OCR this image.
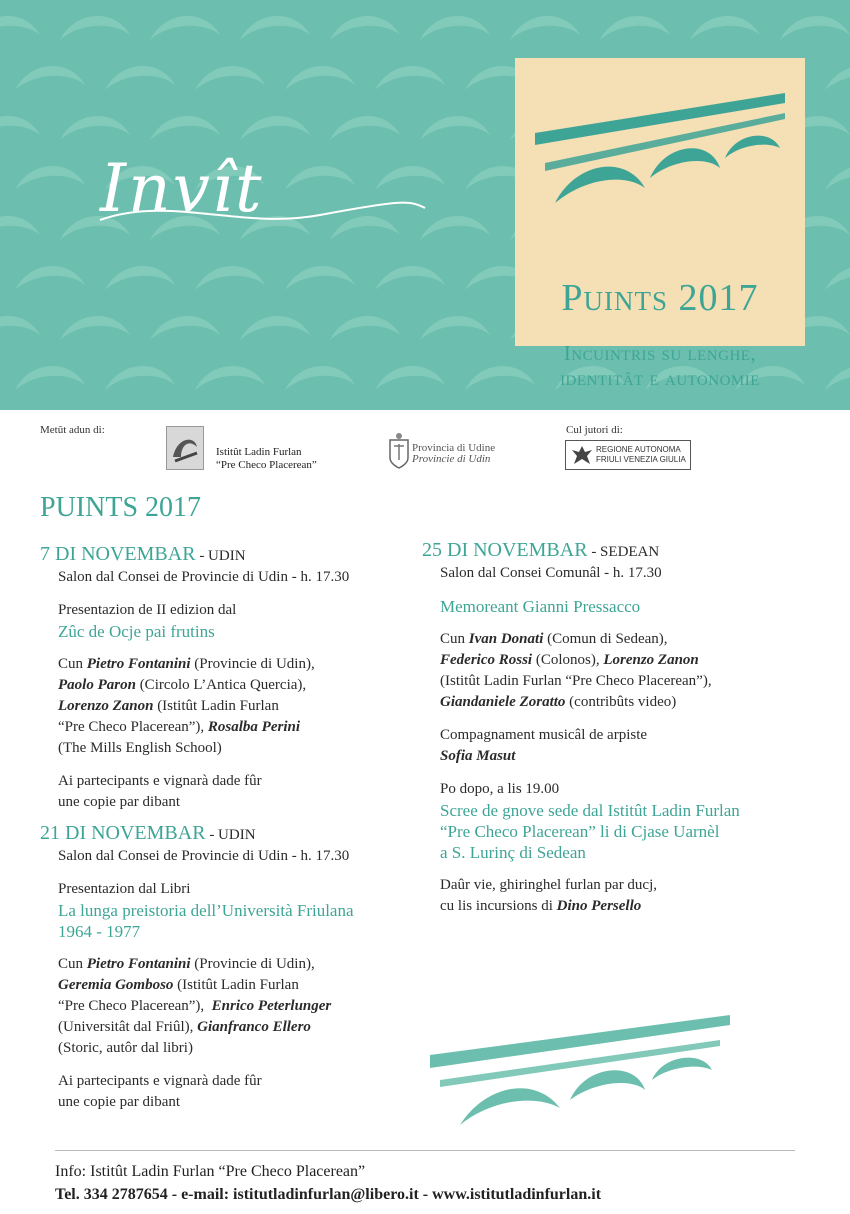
Invît
Puints 2017
Incuintris su lenghe,
identitât e autonomie
Metût adun di:
Istitût Ladin Furlan
“Pre Checo Placerean”
Provincia di Udine
Provincie di Udin
Cul jutori di:
REGIONE AUTONOMA
FRIULI VENEZIA GIULIA
PUINTS 2017
7 DI NOVEMBAR - UDIN
Salon dal Consei de Provincie di Udin - h. 17.30
Presentazion de II edizion dal
Zûc de Ocje pai frutins
Cun Pietro Fontanini (Provincie di Udin),
Paolo Paron (Circolo L’Antica Quercia),
Lorenzo Zanon (Istitût Ladin Furlan
“Pre Checo Placerean”), Rosalba Perini
(The Mills English School)
Ai partecipants e vignarà dade fûr
une copie par dibant
21 DI NOVEMBAR - UDIN
Salon dal Consei de Provincie di Udin - h. 17.30
Presentazion dal Libri
La lunga preistoria dell’Università Friulana
1964 - 1977
Cun Pietro Fontanini (Provincie di Udin),
Geremia Gomboso (Istitût Ladin Furlan
“Pre Checo Placerean”),  Enrico Peterlunger
(Universitât dal Friûl), Gianfranco Ellero
(Storic, autôr dal libri)
Ai partecipants e vignarà dade fûr
une copie par dibant
25 DI NOVEMBAR - SEDEAN
Salon dal Consei Comunâl - h. 17.30
Memoreant Gianni Pressacco
Cun Ivan Donati (Comun di Sedean),
Federico Rossi (Colonos), Lorenzo Zanon
(Istitût Ladin Furlan “Pre Checo Placerean”),
Giandaniele Zoratto (contribûts video)
Compagnament musicâl de arpiste
Sofia Masut
Po dopo, a lis 19.00
Scree de gnove sede dal Istitût Ladin Furlan
“Pre Checo Placerean” li di Cjase Uarnèl
a S. Lurinç di Sedean
Daûr vie, ghiringhel furlan par ducj,
cu lis incursions di Dino Persello
Info: Istitût Ladin Furlan “Pre Checo Placerean”
Tel. 334 2787654 - e-mail: istitutladinfurlan@libero.it - www.istitutladinfurlan.it
